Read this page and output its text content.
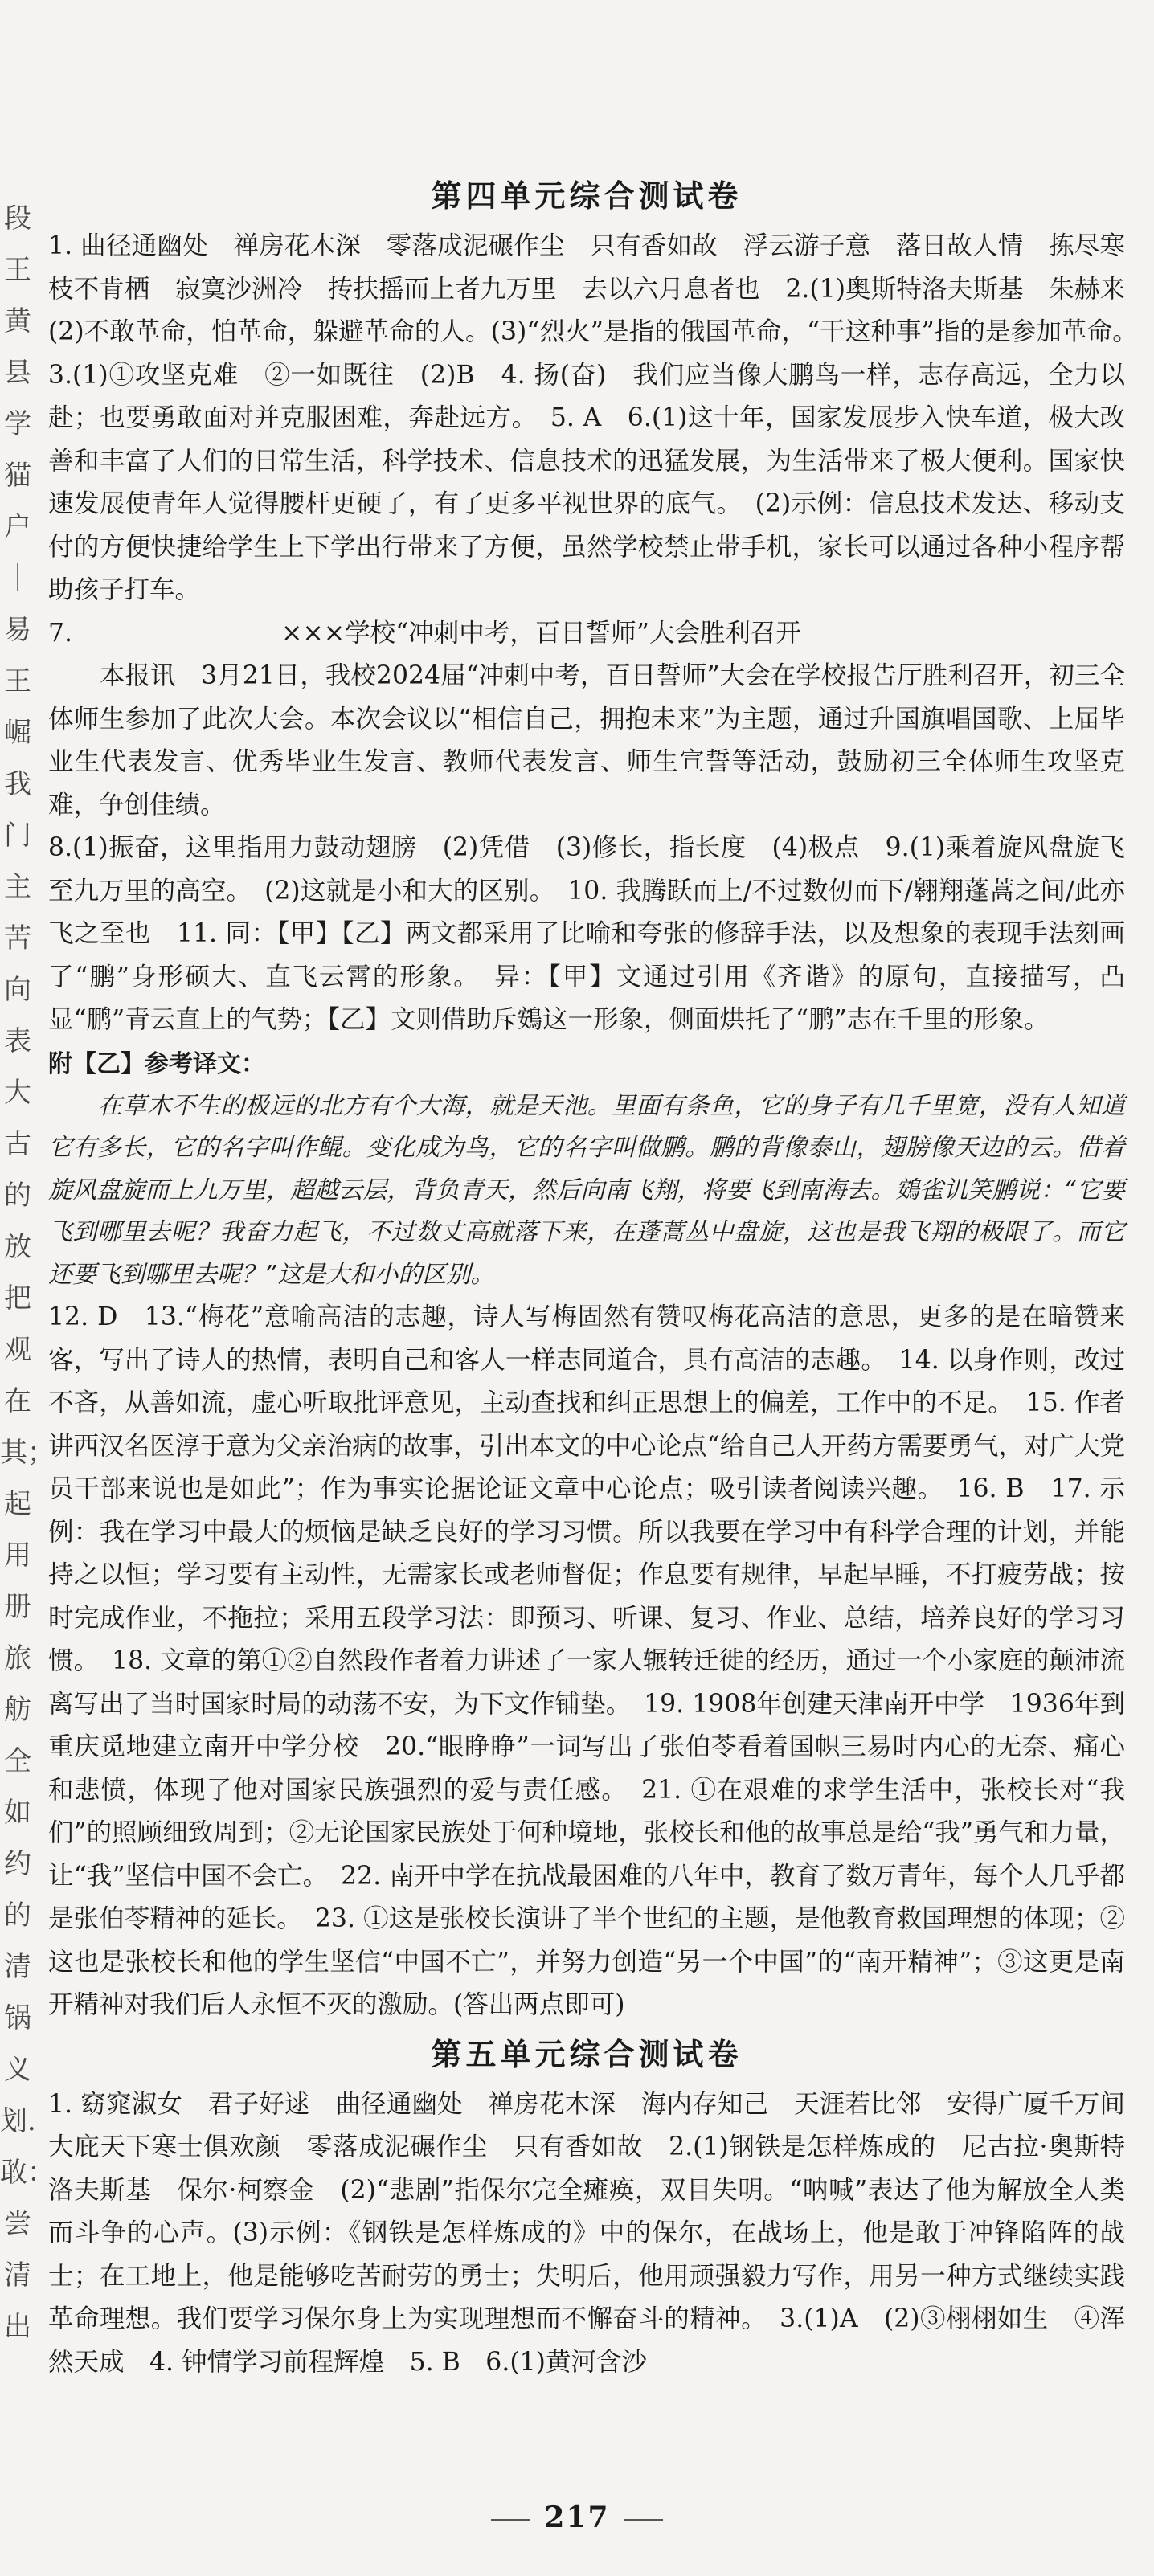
段王黄县学猫户｜易王崛我门主苦向表大古的放把观在其；起用册旅舫全如约的清锅义划．敢：尝清出
第四单元综合测试卷

1. 曲径通幽处　禅房花木深　零落成泥碾作尘　只有香如故　浮云游子意　落日故人情　拣尽寒枝不肯栖　寂寞沙洲冷　抟扶摇而上者九万里　去以六月息者也　2.(1)奥斯特洛夫斯基　朱赫来　(2)不敢革命，怕革命，躲避革命的人。(3)“烈火”是指的俄国革命，“干这种事”指的是参加革命。　3.(1)①攻坚克难　②一如既往　(2)B　4. 扬(奋)　我们应当像大鹏鸟一样，志存高远，全力以赴；也要勇敢面对并克服困难，奔赴远方。　5. A　6.(1)这十年，国家发展步入快车道，极大改善和丰富了人们的日常生活，科学技术、信息技术的迅猛发展，为生活带来了极大便利。国家快速发展使青年人觉得腰杆更硬了，有了更多平视世界的底气。　(2)示例：信息技术发达、移动支付的方便快捷给学生上下学出行带来了方便，虽然学校禁止带手机，家长可以通过各种小程序帮助孩子打车。

7.	×××学校“冲刺中考，百日誓师”大会胜利召开

本报讯　3月21日，我校2024届“冲刺中考，百日誓师”大会在学校报告厅胜利召开，初三全体师生参加了此次大会。本次会议以“相信自己，拥抱未来”为主题，通过升国旗唱国歌、上届毕业生代表发言、优秀毕业生发言、教师代表发言、师生宣誓等活动，鼓励初三全体师生攻坚克难，争创佳绩。

8.(1)振奋，这里指用力鼓动翅膀　(2)凭借　(3)修长，指长度　(4)极点　9.(1)乘着旋风盘旋飞至九万里的高空。　(2)这就是小和大的区别。　10. 我腾跃而上/不过数仞而下/翱翔蓬蒿之间/此亦飞之至也　11. 同：【甲】【乙】两文都采用了比喻和夸张的修辞手法，以及想象的表现手法刻画了“鹏”身形硕大、直飞云霄的形象。　异：【甲】文通过引用《齐谐》的原句，直接描写，凸显“鹏”青云直上的气势；【乙】文则借助斥鴳这一形象，侧面烘托了“鹏”志在千里的形象。

附【乙】参考译文：

在草木不生的极远的北方有个大海，就是天池。里面有条鱼，它的身子有几千里宽，没有人知道它有多长，它的名字叫作鲲。变化成为鸟，它的名字叫做鹏。鹏的背像泰山，翅膀像天边的云。借着旋风盘旋而上九万里，超越云层，背负青天，然后向南飞翔，将要飞到南海去。鴳雀讥笑鹏说：“它要飞到哪里去呢？我奋力起飞，不过数丈高就落下来，在蓬蒿丛中盘旋，这也是我飞翔的极限了。而它还要飞到哪里去呢？”这是大和小的区别。

12. D　13.“梅花”意喻高洁的志趣，诗人写梅固然有赞叹梅花高洁的意思，更多的是在暗赞来客，写出了诗人的热情，表明自己和客人一样志同道合，具有高洁的志趣。　14. 以身作则，改过不吝，从善如流，虚心听取批评意见，主动查找和纠正思想上的偏差，工作中的不足。　15. 作者讲西汉名医淳于意为父亲治病的故事，引出本文的中心论点“给自己人开药方需要勇气，对广大党员干部来说也是如此”；作为事实论据论证文章中心论点；吸引读者阅读兴趣。　16. B　17. 示例：我在学习中最大的烦恼是缺乏良好的学习习惯。所以我要在学习中有科学合理的计划，并能持之以恒；学习要有主动性，无需家长或老师督促；作息要有规律，早起早睡，不打疲劳战；按时完成作业，不拖拉；采用五段学习法：即预习、听课、复习、作业、总结，培养良好的学习习惯。　18. 文章的第①②自然段作者着力讲述了一家人辗转迁徙的经历，通过一个小家庭的颠沛流离写出了当时国家时局的动荡不安，为下文作铺垫。　19. 1908年创建天津南开中学　1936年到重庆觅地建立南开中学分校　20.“眼睁睁”一词写出了张伯苓看着国帜三易时内心的无奈、痛心和悲愤，体现了他对国家民族强烈的爱与责任感。　21. ①在艰难的求学生活中，张校长对“我们”的照顾细致周到；②无论国家民族处于何种境地，张校长和他的故事总是给“我”勇气和力量，让“我”坚信中国不会亡。　22. 南开中学在抗战最困难的八年中，教育了数万青年，每个人几乎都是张伯苓精神的延长。　23. ①这是张校长演讲了半个世纪的主题，是他教育救国理想的体现；②这也是张校长和他的学生坚信“中国不亡”，并努力创造“另一个中国”的“南开精神”；③这更是南开精神对我们后人永恒不灭的激励。(答出两点即可)

第五单元综合测试卷

1. 窈窕淑女　君子好逑　曲径通幽处　禅房花木深　海内存知己　天涯若比邻　安得广厦千万间　大庇天下寒士俱欢颜　零落成泥碾作尘　只有香如故　2.(1)钢铁是怎样炼成的　尼古拉·奥斯特洛夫斯基　保尔·柯察金　(2)“悲剧”指保尔完全瘫痪，双目失明。“呐喊”表达了他为解放全人类而斗争的心声。(3)示例：《钢铁是怎样炼成的》中的保尔，在战场上，他是敢于冲锋陷阵的战士；在工地上，他是能够吃苦耐劳的勇士；失明后，他用顽强毅力写作，用另一种方式继续实践革命理想。我们要学习保尔身上为实现理想而不懈奋斗的精神。　3.(1)A　(2)③栩栩如生　④浑然天成　4. 钟情学习前程辉煌　5. B　6.(1)黄河含沙

217
